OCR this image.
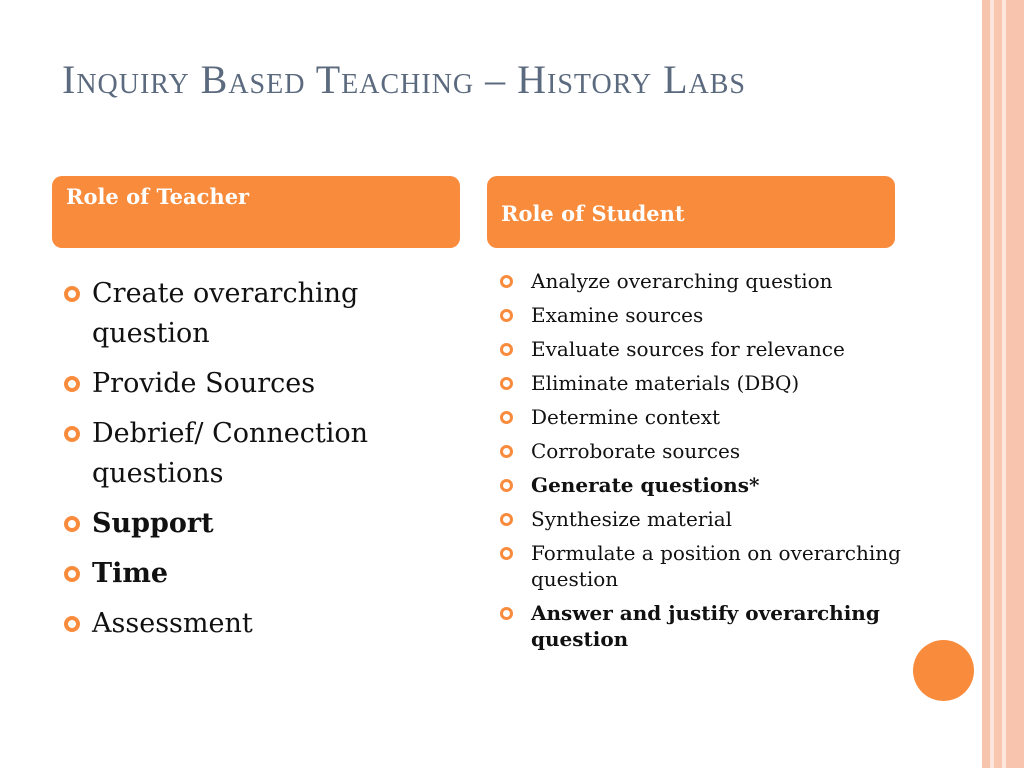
Inquiry Based Teaching – History Labs
Role of Teacher
Role of Student
Create overarching question
Provide Sources
Debrief/ Connection questions
Support
Time
Assessment
Analyze overarching question
Examine sources
Evaluate sources for relevance
Eliminate materials (DBQ)
Determine context
Corroborate sources
Generate questions*
Synthesize material
Formulate a position on overarching question
Answer and justify overarching question
